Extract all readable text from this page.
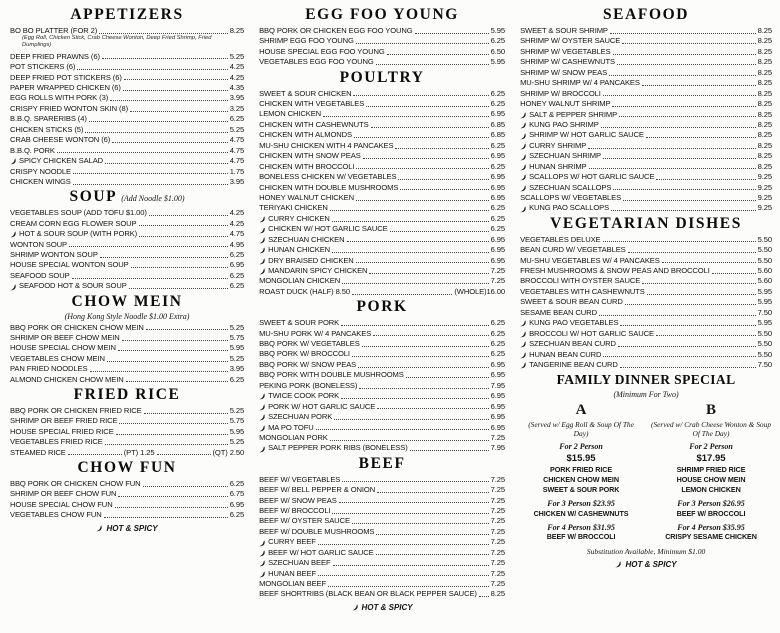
APPETIZERS
BO BO PLATTER (FOR 2)	8.25
(Egg Roll, Chicken Stick, Crab Cheese Wonton, Deep Fried Shrimp, Fried Dumplings)
DEEP FRIED PRAWNS (6)	5.25
POT STICKERS (6)	4.25
DEEP FRIED POT STICKERS (6)	4.25
PAPER WRAPPED CHICKEN (6)	4.35
EGG ROLLS WITH PORK (3)	3.95
CRISPY FRIED WONTON SKIN (8)	3.25
B.B.Q. SPARERIBS (4)	6.25
CHICKEN STICKS (5)	5.25
CRAB CHEESE WONTON (6)	4.75
B.B.Q. PORK	4.75
SPICY CHICKEN SALAD	4.75
CRISPY NOODLE	1.75
CHICKEN WINGS	3.95
SOUP (Add Noodle $1.00)
VEGETABLES SOUP (ADD TOFU $1.00)	4.25
CREAM CORN EGG FLOWER SOUP	4.25
HOT & SOUR SOUP (WITH PORK)	4.75
WONTON SOUP	4.95
SHRIMP WONTON SOUP	6.25
HOUSE SPECIAL WONTON SOUP	6.95
SEAFOOD SOUP	6.25
SEAFOOD HOT & SOUR SOUP	6.25
CHOW MEIN
(Hong Kong Style Noodle $1.00 Extra)
BBQ PORK OR CHICKEN CHOW MEIN	5.25
SHRIMP OR BEEF CHOW MEIN	5.75
HOUSE SPECIAL CHOW MEIN	5.95
VEGETABLES CHOW MEIN	5.25
PAN FRIED NOODLES	3.95
ALMOND CHICKEN CHOW MEIN	6.25
FRIED RICE
BBQ PORK OR CHICKEN FRIED RICE	5.25
SHRIMP OR BEEF FRIED RICE	5.75
HOUSE SPECIAL FRIED RICE	5.95
VEGETABLES FRIED RICE	5.25
STEAMED RICE	(PT) 1.25	(QT) 2.50
CHOW FUN
BBQ PORK OR CHICKEN CHOW FUN	6.25
SHRIMP OR BEEF CHOW FUN	6.75
HOUSE SPECIAL CHOW FUN	6.95
VEGETABLES CHOW FUN	6.25
HOT & SPICY
EGG FOO YOUNG
BBQ PORK OR CHICKEN EGG FOO YOUNG	5.95
SHRIMP EGG FOO YOUNG	6.25
HOUSE SPECIAL EGG FOO YOUNG	6.50
VEGETABLES EGG FOO YOUNG	5.95
POULTRY
SWEET & SOUR CHICKEN	6.25
CHICKEN WITH VEGETABLES	6.25
LEMON CHICKEN	6.95
CHICKEN WITH CASHEWNUTS	6.85
CHICKEN WITH ALMONDS	6.85
MU-SHU CHICKEN WITH 4 PANCAKES	6.25
CHICKEN WITH SNOW PEAS	6.95
CHICKEN WITH BROCCOLI	6.25
BONELESS CHICKEN W/ VEGETABLES	6.95
CHICKEN WITH DOUBLE MUSHROOMS	6.95
HONEY WALNUT CHICKEN	6.95
TERIYAKI CHICKEN	6.25
CURRY CHICKEN	6.25
CHICKEN W/ HOT GARLIC SAUCE	6.25
SZECHUAN CHICKEN	6.95
HUNAN CHICKEN	6.95
DRY BRAISED CHICKEN	6.95
MANDARIN SPICY CHICKEN	7.25
MONGOLIAN CHICKEN	7.25
ROAST DUCK (HALF) 8.50	(WHOLE)16.00
PORK
SWEET & SOUR PORK	6.25
MU-SHU PORK W/ 4 PANCAKES	6.25
BBQ PORK W/ VEGETABLES	6.25
BBQ PORK W/ BROCCOLI	6.25
BBQ PORK W/ SNOW PEAS	6.95
BBQ PORK WITH DOUBLE MUSHROOMS	6.95
PEKING PORK (BONELESS)	7.95
TWICE COOK PORK	6.95
PORK W/ HOT GARLIC SAUCE	6.95
SZECHUAN PORK	6.95
MA PO TOFU	6.95
MONGOLIAN PORK	7.25
SALT PEPPER PORK RIBS (BONELESS)	7.95
BEEF
BEEF W/ VEGETABLES	7.25
BEEF W/ BELL PEPPER & ONION	7.25
BEEF W/ SNOW PEAS	7.25
BEEF W/ BROCCOLI	7.25
BEEF W/ OYSTER SAUCE	7.25
BEEF W/ DOUBLE MUSHROOMS	7.25
CURRY BEEF	7.25
BEEF W/ HOT GARLIC SAUCE	7.25
SZECHUAN BEEF	7.25
HUNAN BEEF	7.25
MONGOLIAN BEEF	7.25
BEEF SHORTRIBS (BLACK BEAN OR BLACK PEPPER SAUCE) 8.25
HOT & SPICY
SEAFOOD
SWEET & SOUR SHRIMP	8.25
SHRIMP W/ OYSTER SAUCE	8.25
SHRIMP W/ VEGETABLES	8.25
SHRIMP W/ CASHEWNUTS	8.25
SHRIMP W/ SNOW PEAS	8.25
MU-SHU SHRIMP W/ 4 PANCAKES	8.25
SHRIMP W/ BROCCOLI	8.25
HONEY WALNUT SHRIMP	8.25
SALT & PEPPER SHRIMP	8.25
KUNG PAO SHRIMP	8.25
SHRIMP W/ HOT GARLIC SAUCE	8.25
CURRY SHRIMP	8.25
SZECHUAN SHRIMP	8.25
HUNAN SHRIMP	8.25
SCALLOPS W/ HOT GARLIC SAUCE	9.25
SZECHUAN SCALLOPS	9.25
SCALLOPS W/ VEGETABLES	9.25
KUNG PAO SCALLOPS	9.25
VEGETARIAN DISHES
VEGETABLES DELUXE	5.50
BEAN CURD W/ VEGETABLES	5.50
MU-SHU VEGETABLES W/ 4 PANCAKES	5.50
FRESH MUSHROOMS & SNOW PEAS AND BROCCOLI	5.60
BROCCOLI WITH OYSTER SAUCE	5.60
VEGETABLES WITH CASHEWNUTS	5.95
SWEET & SOUR BEAN CURD	5.95
SESAME BEAN CURD	7.50
KUNG PAO VEGETABLES	5.95
BROCCOLI W/ HOT GARLIC SAUCE	5.50
SZECHUAN BEAN CURD	5.50
HUNAN BEAN CURD	5.50
TANGERINE BEAN CURD	7.50
FAMILY DINNER SPECIAL
(Minimum For Two)
A
(Served w/ Egg Roll & Soup Of The Day)
For 2 Person
$15.95
PORK FRIED RICE
CHICKEN CHOW MEIN
SWEET & SOUR PORK
For 3 Person $23.95
CHICKEN W/ CASHEWNUTS
For 4 Person $31.95
BEEF W/ BROCCOLI
B
(Served w/ Crab Cheese Wonton & Soup Of The Day)
For 2 Person
$17.95
SHRIMP FRIED RICE
HOUSE CHOW MEIN
LEMON CHICKEN
For 3 Person $26.95
BEEF W/ BROCCOLI
For 4 Person $35.95
CRISPY SESAME CHICKEN
Substitution Available, Minimum $1.00
HOT & SPICY
